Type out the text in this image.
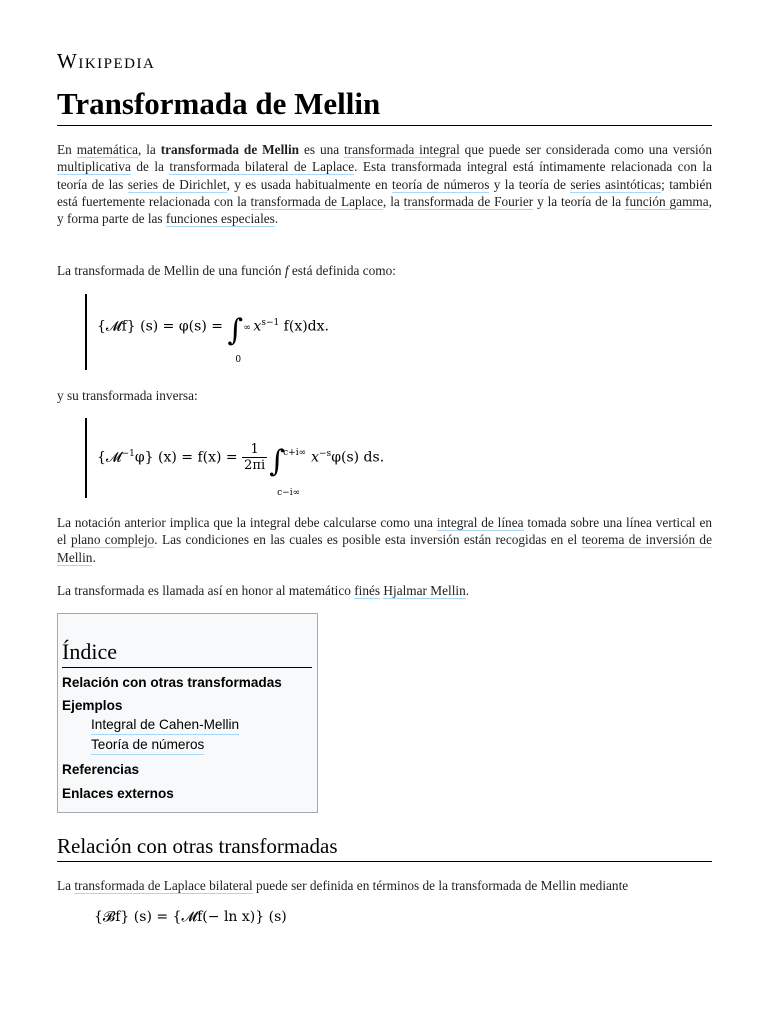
Wikipedia
Transformada de Mellin

En matemática, la transformada de Mellin es una transformada integral que puede ser considerada como una versión multiplicativa de la transformada bilateral de Laplace. Esta transformada integral está íntimamente relacionada con la teoría de las series de Dirichlet, y es usada habitualmente en teoría de números y la teoría de series asintóticas; también está fuertemente relacionada con la transformada de Laplace, la transformada de Fourier y la teoría de la función gamma, y forma parte de las funciones especiales.

La transformada de Mellin de una función f está definida como:

{𝓜f} (s) = φ(s) = ∫ ∞
0
$x^{s-1}$ f(x)dx.

y su transformada inversa:

{𝓜$^{-1}$φ} $(x) = f(x) = \frac{1}{2\pi i}$ ∫
c+i∞
c−i∞
$x^{-s}\varphi(s)$ ds.

La notación anterior implica que la integral debe calcularse como una integral de línea tomada sobre una línea vertical en el plano complejo. Las condiciones en las cuales es posible esta inversión están recogidas en el teorema de inversión de Mellin.

La transformada es llamada así en honor al matemático finés Hjalmar Mellin.

Índice
Relación con otras transformadas
Ejemplos
Integral de Cahen-Mellin
Teoría de números
Referencias
Enlaces externos
Relación con otras transformadas

La transformada de Laplace bilateral puede ser definida en términos de la transformada de Mellin mediante

{𝓑f} (s) = {𝓜f(− ln x)} (s)
